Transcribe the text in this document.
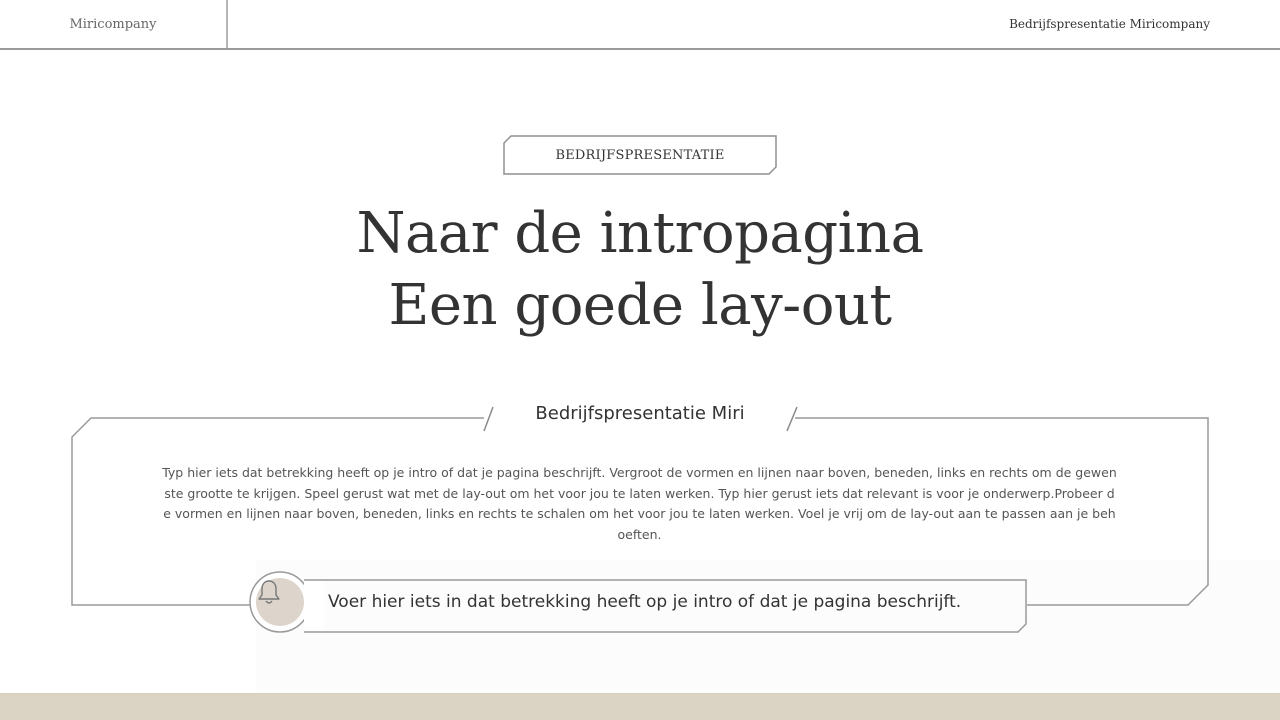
Miricompany	Bedrijfspresentatie Miricompany
BEDRIJFSPRESENTATIE
Naar de intropagina
Een goede lay-out
Bedrijfspresentatie Miri
Typ hier iets dat betrekking heeft op je intro of dat je pagina beschrijft. Vergroot de vormen en lijnen naar boven, beneden, links en rechts om de gewenste grootte te krijgen. Speel gerust wat met de lay-out om het voor jou te laten werken. Typ hier gerust iets dat relevant is voor je onderwerp.Probeer de vormen en lijnen naar boven, beneden, links en rechts te schalen om het voor jou te laten werken. Voel je vrij om de lay-out aan te passen aan je behoeften.
Voer hier iets in dat betrekking heeft op je intro of dat je pagina beschrijft.
